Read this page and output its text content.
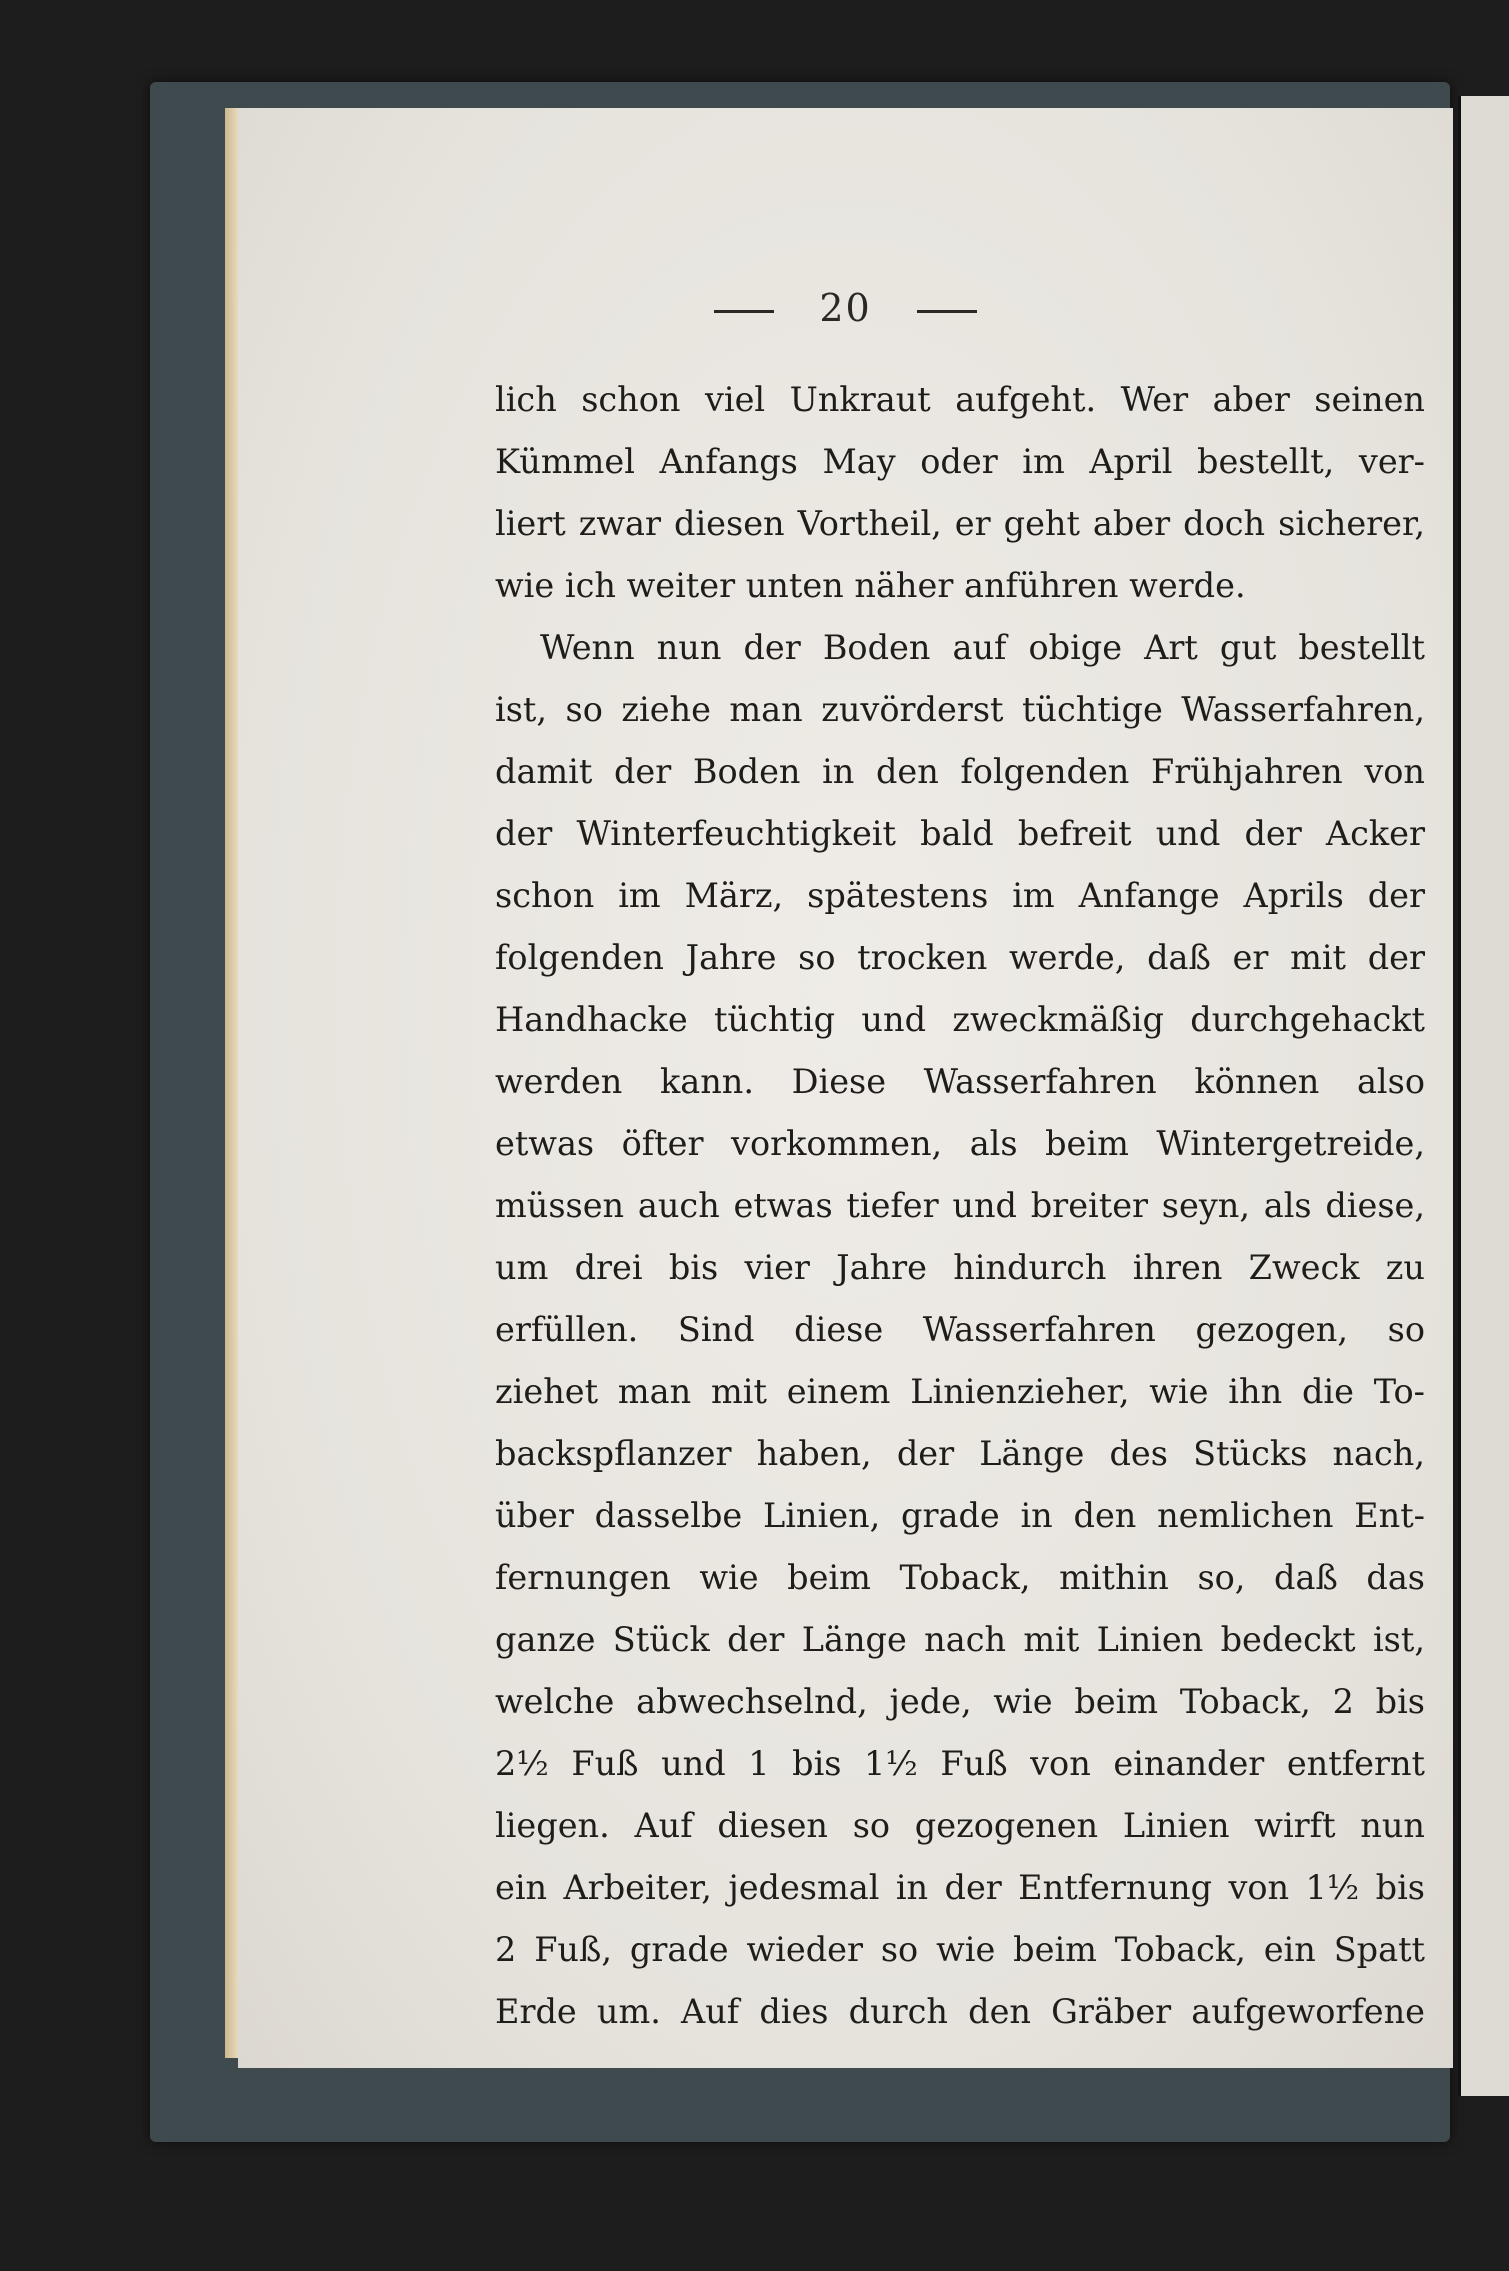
20
lich schon viel Unkraut aufgeht. Wer aber seinen
Kümmel Anfangs May oder im April bestellt, ver-
liert zwar diesen Vortheil, er geht aber doch sicherer,
wie ich weiter unten näher anführen werde.
Wenn nun der Boden auf obige Art gut bestellt
ist, so ziehe man zuvörderst tüchtige Wasserfahren,
damit der Boden in den folgenden Frühjahren von
der Winterfeuchtigkeit bald befreit und der Acker
schon im März, spätestens im Anfange Aprils der
folgenden Jahre so trocken werde, daß er mit der
Handhacke tüchtig und zweckmäßig durchgehackt
werden kann. Diese Wasserfahren können also
etwas öfter vorkommen, als beim Wintergetreide,
müssen auch etwas tiefer und breiter seyn, als diese,
um drei bis vier Jahre hindurch ihren Zweck zu
erfüllen. Sind diese Wasserfahren gezogen, so
ziehet man mit einem Linienzieher, wie ihn die To-
backspflanzer haben, der Länge des Stücks nach,
über dasselbe Linien, grade in den nemlichen Ent-
fernungen wie beim Toback, mithin so, daß das
ganze Stück der Länge nach mit Linien bedeckt ist,
welche abwechselnd, jede, wie beim Toback, 2 bis
2½ Fuß und 1 bis 1½ Fuß von einander entfernt
liegen. Auf diesen so gezogenen Linien wirft nun
ein Arbeiter, jedesmal in der Entfernung von 1½ bis
2 Fuß, grade wieder so wie beim Toback, ein Spatt
Erde um. Auf dies durch den Gräber aufgeworfene
